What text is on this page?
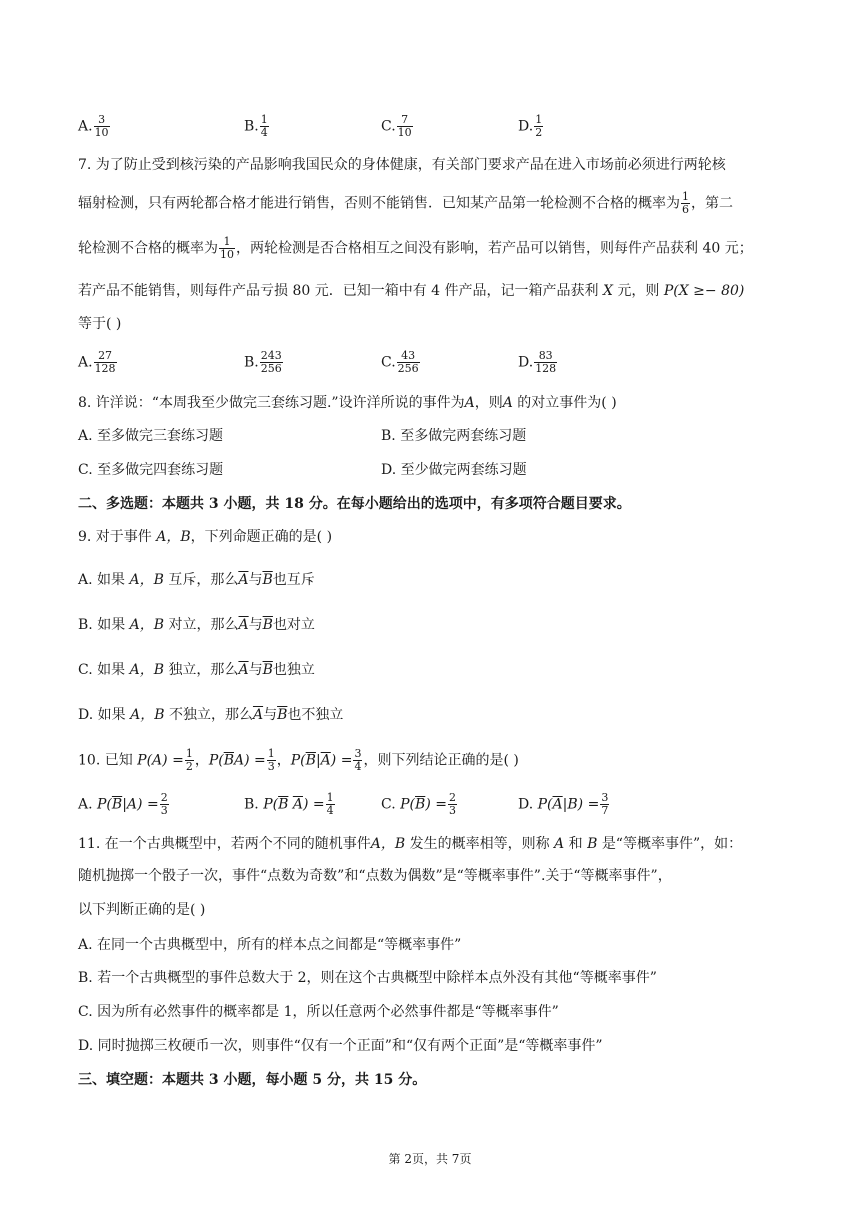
A. $\frac{3}{10}$	B. $\frac{1}{4}$	C. $\frac{7}{10}$	D. $\frac{1}{2}$
7. 为了防止受到核污染的产品影响我国民众的身体健康，有关部门要求产品在进入市场前必须进行两轮核
辐射检测，只有两轮都合格才能进行销售，否则不能销售．已知某产品第一轮检测不合格的概率为 $\frac{1}{6}$ ，第二
轮检测不合格的概率为 $\frac{1}{10}$ ，两轮检测是否合格相互之间没有影响，若产品可以销售，则每件产品获利 40 元；
若产品不能销售，则每件产品亏损 80 元．已知一箱中有 4 件产品，记一箱产品获利 X 元，则 P(X ≥− 80)
等于( )
A. $\frac{27}{128}$	B. $\frac{243}{256}$	C. $\frac{43}{256}$	D. $\frac{83}{128}$
8. 许洋说：“本周我至少做完三套练习题.”设许洋所说的事件为A，则A 的对立事件为( )
A. 至多做完三套练习题	B. 至多做完两套练习题
C. 至多做完四套练习题	D. 至少做完两套练习题
二、多选题：本题共 3 小题，共 18 分。在每小题给出的选项中，有多项符合题目要求。
9. 对于事件 A，B，下列命题正确的是( )
A. 如果 A，B 互斥，那么$\overline{A}$与$\overline{B}$也互斥
B. 如果 A，B 对立，那么$\overline{A}$与$\overline{B}$也对立
C. 如果 A，B 独立，那么$\overline{A}$与$\overline{B}$也独立
D. 如果 A，B 不独立，那么$\overline{A}$与$\overline{B}$也不独立
10. 已知 $P(A) = \frac{1}{2}$ ，$P(\overline{B}A) = \frac{1}{3}$ ，$P(\overline{B}|\overline{A}) = \frac{3}{4}$ ，则下列结论正确的是( )
A. $P(\overline{B}|A) = \frac{2}{3}$	B. $P(\overline{B}$ $\overline{A}) = \frac{1}{4}$	C. $P(\overline{B}) = \frac{2}{3}$	D. $P(\overline{A}|B) = \frac{3}{7}$
11. 在一个古典概型中，若两个不同的随机事件A，B 发生的概率相等，则称 A 和 B 是“等概率事件”，如：
随机抛掷一个骰子一次，事件“点数为奇数”和“点数为偶数”是“等概率事件”.关于“等概率事件”，
以下判断正确的是( )
A. 在同一个古典概型中，所有的样本点之间都是“等概率事件”
B. 若一个古典概型的事件总数大于 2，则在这个古典概型中除样本点外没有其他“等概率事件”
C. 因为所有必然事件的概率都是 1，所以任意两个必然事件都是“等概率事件”
D. 同时抛掷三枚硬币一次，则事件“仅有一个正面”和“仅有两个正面”是“等概率事件”
三、填空题：本题共 3 小题，每小题 5 分，共 15 分。
第 2页，共 7页
